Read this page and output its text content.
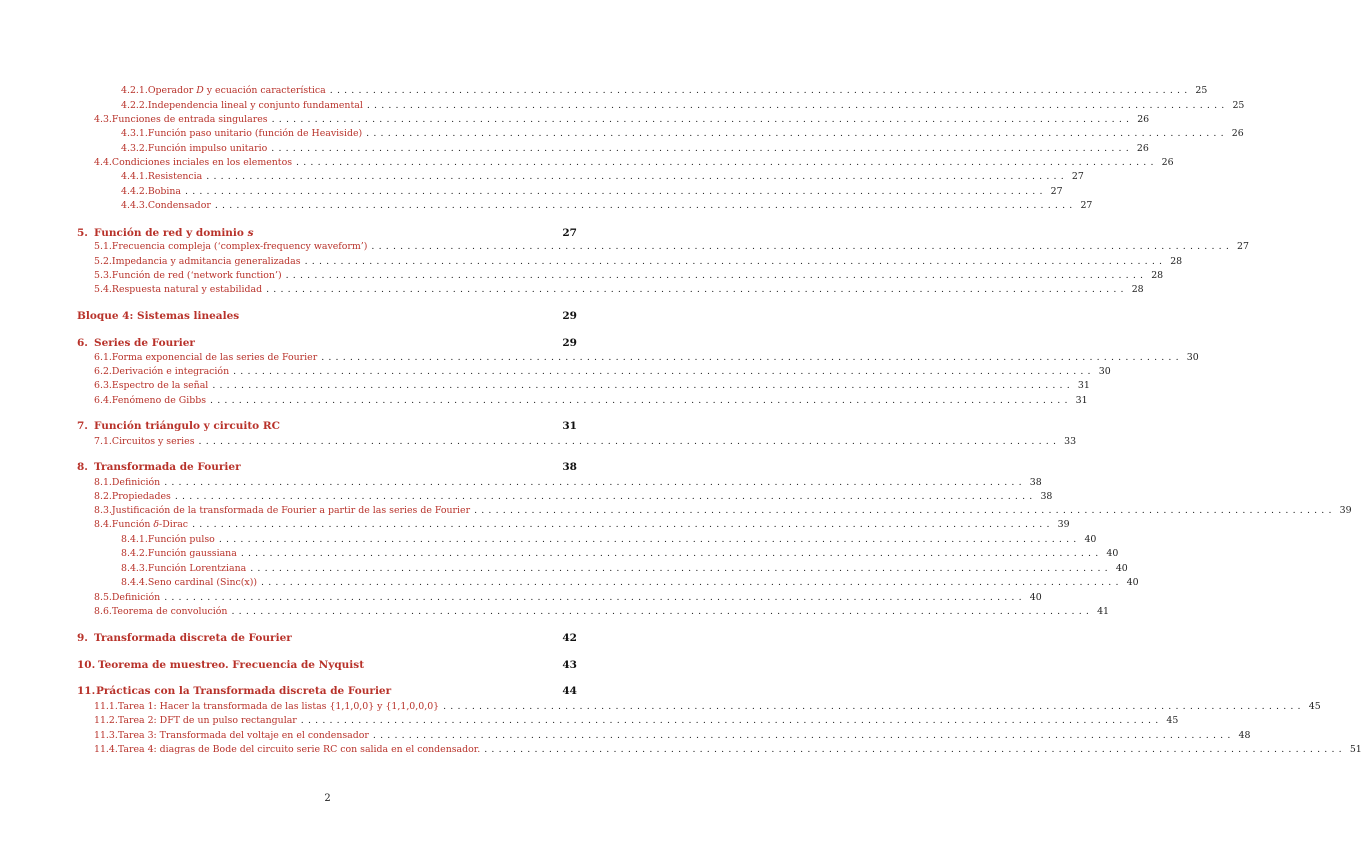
4.2.1. Operador D y ecuación característica ........................................................................................................................ 25
4.2.2. Independencia lineal y conjunto fundamental ........................................................................................................................ 25
4.3. Funciones de entrada singulares ........................................................................................................................ 26
4.3.1. Función paso unitario (función de Heaviside) ........................................................................................................................ 26
4.3.2. Función impulso unitario ........................................................................................................................ 26
4.4. Condiciones inciales en los elementos ........................................................................................................................ 26
4.4.1. Resistencia ........................................................................................................................ 27
4.4.2. Bobina ........................................................................................................................ 27
4.4.3. Condensador ........................................................................................................................ 27
5. Función de red y dominio s	27
5.1. Frecuencia compleja (‘complex-frequency waveform’) ........................................................................................................................ 27
5.2. Impedancia y admitancia generalizadas ........................................................................................................................ 28
5.3. Función de red (‘network function’) ........................................................................................................................ 28
5.4. Respuesta natural y estabilidad ........................................................................................................................ 28
Bloque 4: Sistemas lineales	29
6. Series de Fourier	29
6.1. Forma exponencial de las series de Fourier ........................................................................................................................ 30
6.2. Derivación e integración ........................................................................................................................ 30
6.3. Espectro de la señal ........................................................................................................................ 31
6.4. Fenómeno de Gibbs ........................................................................................................................ 31
7. Función triángulo y circuito RC	31
7.1. Circuitos y series ........................................................................................................................ 33
8. Transformada de Fourier	38
8.1. Definición ........................................................................................................................ 38
8.2. Propiedades ........................................................................................................................ 38
8.3. Justificación de la transformada de Fourier a partir de las series de Fourier ........................................................................................................................ 39
8.4. Función δ-Dirac ........................................................................................................................ 39
8.4.1. Función pulso ........................................................................................................................ 40
8.4.2. Función gaussiana ........................................................................................................................ 40
8.4.3. Función Lorentziana ........................................................................................................................ 40
8.4.4. Seno cardinal (Sinc(x)) ........................................................................................................................ 40
8.5. Definición ........................................................................................................................ 40
8.6. Teorema de convolución ........................................................................................................................ 41
9. Transformada discreta de Fourier	42
10. Teorema de muestreo. Frecuencia de Nyquist	43
11. Prácticas con la Transformada discreta de Fourier	44
11.1. Tarea 1: Hacer la transformada de las listas {1,1,0,0} y {1,1,0,0,0} ........................................................................................................................ 45
11.2. Tarea 2: DFT de un pulso rectangular ........................................................................................................................ 45
11.3. Tarea 3: Transformada del voltaje en el condensador ........................................................................................................................ 48
11.4. Tarea 4: diagras de Bode del circuito serie RC con salida en el condensador. ........................................................................................................................ 51
2
